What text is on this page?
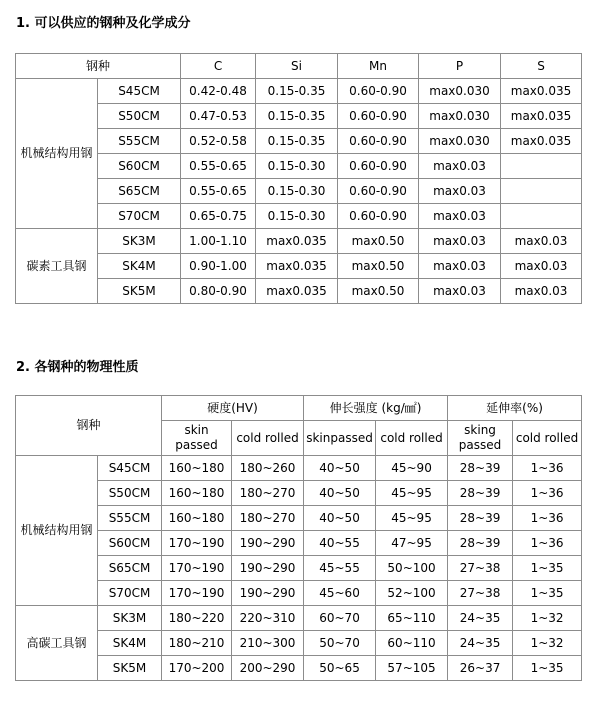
1. 可以供应的钢种及化学成分
钢种		C	Si	Mn	P	S
机械结构用钢	S45CM	0.42-0.48	0.15-0.35	0.60-0.90	max0.030	max0.035
	S50CM	0.47-0.53	0.15-0.35	0.60-0.90	max0.030	max0.035
	S55CM	0.52-0.58	0.15-0.35	0.60-0.90	max0.030	max0.035
	S60CM	0.55-0.65	0.15-0.30	0.60-0.90	max0.03	
	S65CM	0.55-0.65	0.15-0.30	0.60-0.90	max0.03	
	S70CM	0.65-0.75	0.15-0.30	0.60-0.90	max0.03	
碳素工具钢	SK3M	1.00-1.10	max0.035	max0.50	max0.03	max0.03
	SK4M	0.90-1.00	max0.035	max0.50	max0.03	max0.03
	SK5M	0.80-0.90	max0.035	max0.50	max0.03	max0.03
2. 各钢种的物理性质
钢种		硬度(HV)		伸长强度 (kg/㎟)		延伸率(%)	
		skin passed	cold rolled	skinpassed	cold rolled	sking passed	cold rolled
机械结构用钢	S45CM	160~180	180~260	40~50	45~90	28~39	1~36
	S50CM	160~180	180~270	40~50	45~95	28~39	1~36
	S55CM	160~180	180~270	40~50	45~95	28~39	1~36
	S60CM	170~190	190~290	40~55	47~95	28~39	1~36
	S65CM	170~190	190~290	45~55	50~100	27~38	1~35
	S70CM	170~190	190~290	45~60	52~100	27~38	1~35
高碳工具钢	SK3M	180~220	220~310	60~70	65~110	24~35	1~32
	SK4M	180~210	210~300	50~70	60~110	24~35	1~32
	SK5M	170~200	200~290	50~65	57~105	26~37	1~35
